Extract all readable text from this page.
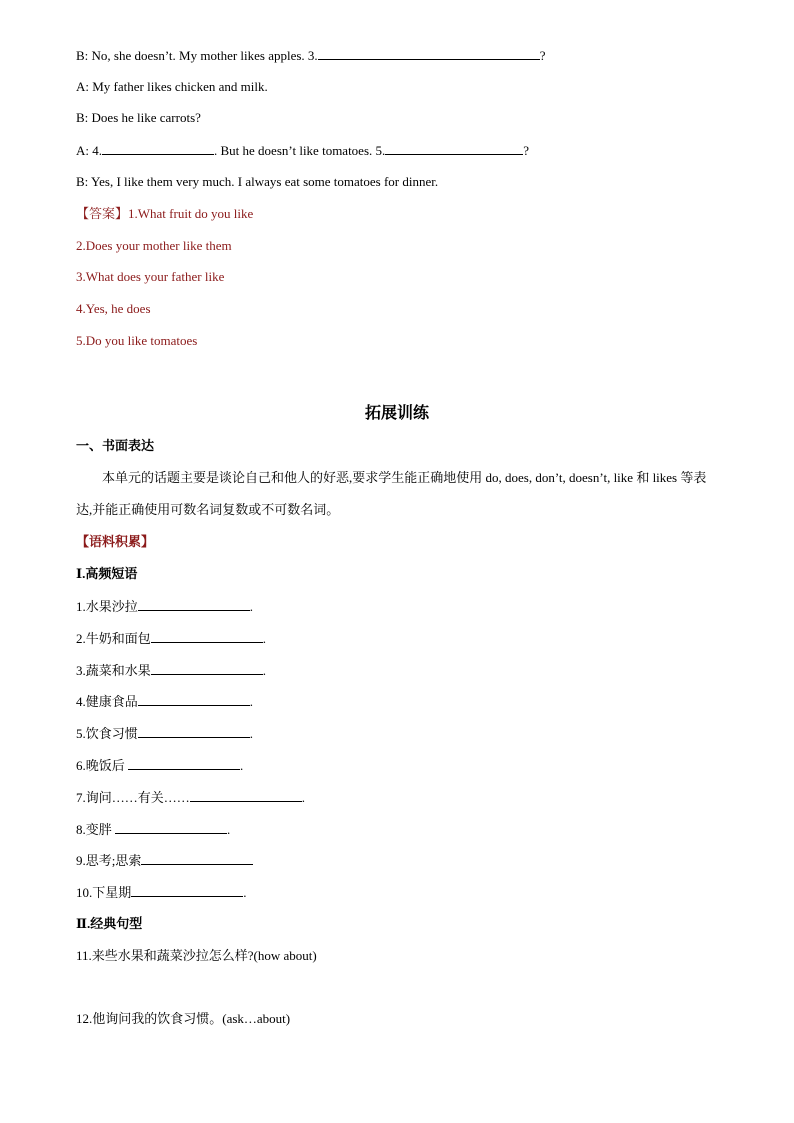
B: No, she doesn’t. My mother likes apples. 3.	?
A: My father likes chicken and milk.
B: Does he like carrots?
A: 4.	. But he doesn’t like tomatoes. 5.	?
B: Yes, I like them very much. I always eat some tomatoes for dinner.
【答案】1.What fruit do you like
2.Does your mother like them
3.What does your father like
4.Yes, he does
5.Do you like tomatoes
拓展训练
一、书面表达
本单元的话题主要是谈论自己和他人的好恶,要求学生能正确地使用 do, does, don’t, doesn’t, like 和 likes 等表达,并能正确使用可数名词复数或不可数名词。
【语料积累】
Ⅰ.高频短语
1.水果沙拉	.
2.牛奶和面包	.
3.蔬菜和水果	.
4.健康食品	.
5.饮食习惯	.
6.晚饭后	.
7.询问……有关……	.
8.变胖	.
9.思考;思索
10.下星期	.
Ⅱ.经典句型
11.来些水果和蔬菜沙拉怎么样?(how about)
12.他询问我的饮食习惯。(ask…about)
